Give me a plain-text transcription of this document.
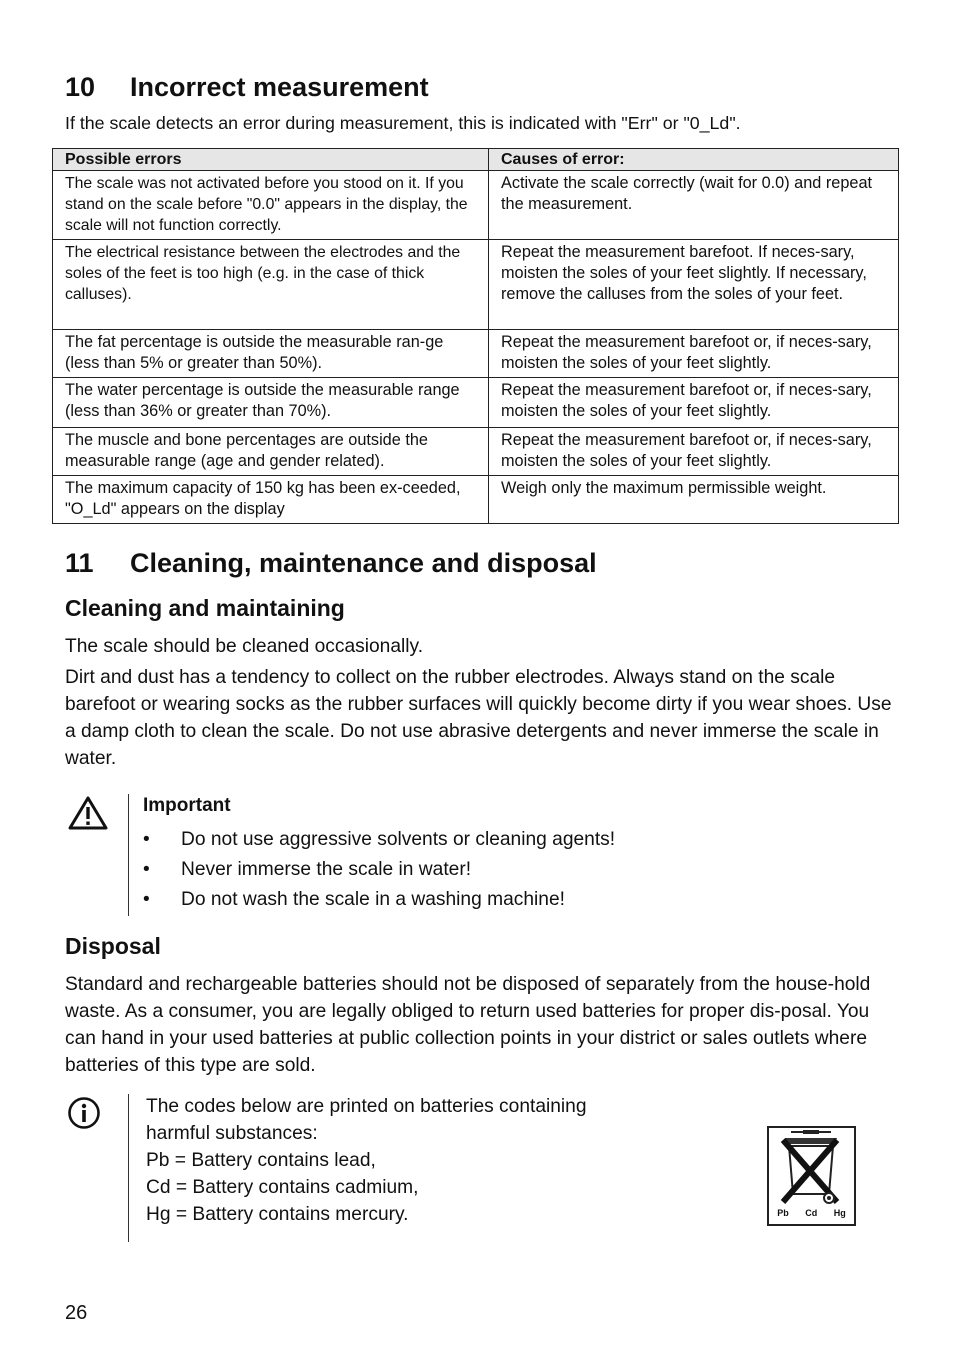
10 Incorrect measurement

If the scale detects an error during measurement, this is indicated with "Err" or "0_Ld".

Possible errors	Causes of error:
The scale was not activated before you stood on it. If you stand on the scale before "0.0" appears in the display, the scale will not function correctly.	Activate the scale correctly (wait for 0.0) and repeat the measurement.
The electrical resistance between the electrodes and the soles of the feet is too high (e.g. in the case of thick calluses).	Repeat the measurement barefoot. If neces-sary, moisten the soles of your feet slightly. If necessary, remove the calluses from the soles of your feet.
The fat percentage is outside the measurable ran-ge (less than 5% or greater than 50%).	Repeat the measurement barefoot or, if neces-sary, moisten the soles of your feet slightly.
The water percentage is outside the measurable range (less than 36% or greater than 70%).	Repeat the measurement barefoot or, if neces-sary, moisten the soles of your feet slightly.
The muscle and bone percentages are outside the measurable range (age and gender related).	Repeat the measurement barefoot or, if neces-sary, moisten the soles of your feet slightly.
The maximum capacity of 150 kg has been ex-ceeded, "O_Ld" appears on the display	Weigh only the maximum permissible weight.
11 Cleaning, maintenance and disposal
Cleaning and maintaining

The scale should be cleaned occasionally.

Dirt and dust has a tendency to collect on the rubber electrodes. Always stand on the scale barefoot or wearing socks as the rubber surfaces will quickly become dirty if you wear shoes. Use a damp cloth to clean the scale. Do not use abrasive detergents and never immerse the scale in water.

Important

• Do not use aggressive solvents or cleaning agents!
• Never immerse the scale in water!
• Do not wash the scale in a washing machine!
Disposal

Standard and rechargeable batteries should not be disposed of separately from the house-hold waste. As a consumer, you are legally obliged to return used batteries for proper dis-posal. You can hand in your used batteries at public collection points in your district or sales outlets where batteries of this type are sold.

The codes below are printed on batteries containing
harmful substances:
Pb = Battery contains lead,
Cd = Battery contains cadmium,
Hg = Battery contains mercury.	Pb Cd Hg

26
